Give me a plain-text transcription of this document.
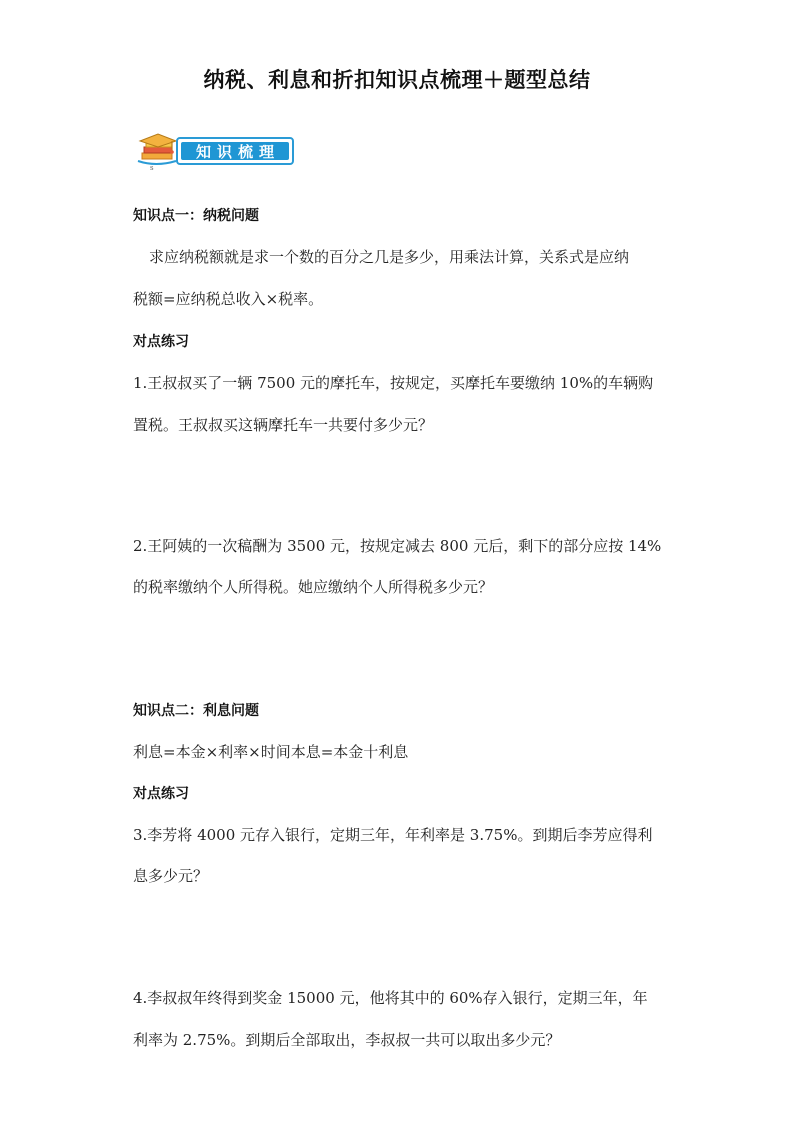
纳税、利息和折扣知识点梳理＋题型总结
知识梳理
s
知识点一：纳税问题
求应纳税额就是求一个数的百分之几是多少，用乘法计算，关系式是应纳
税额=应纳税总收入×税率。
对点练习
1.王叔叔买了一辆 7500 元的摩托车，按规定，买摩托车要缴纳 10%的车辆购
置税。王叔叔买这辆摩托车一共要付多少元？
2.王阿姨的一次稿酬为 3500 元，按规定减去 800 元后，剩下的部分应按 14%
的税率缴纳个人所得税。她应缴纳个人所得税多少元？
知识点二：利息问题
利息=本金×利率×时间本息=本金十利息
对点练习
3.李芳将 4000 元存入银行，定期三年，年利率是 3.75%。到期后李芳应得利
息多少元？
4.李叔叔年终得到奖金 15000 元，他将其中的 60%存入银行，定期三年，年
利率为 2.75%。到期后全部取出，李叔叔一共可以取出多少元？
